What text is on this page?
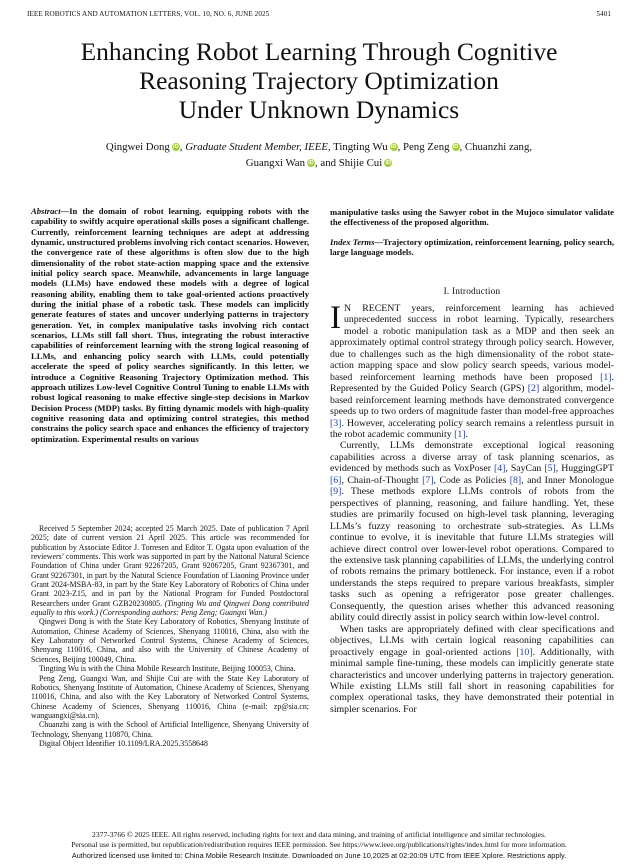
IEEE ROBOTICS AND AUTOMATION LETTERS, VOL. 10, NO. 6, JUNE 2025	5401
Enhancing Robot Learning Through Cognitive
Reasoning Trajectory Optimization
Under Unknown Dynamics
Qingwei Dong iD, Graduate Student Member, IEEE, Tingting Wu iD, Peng Zeng iD, Chuanzhi zang,
Guangxi Wan iD, and Shijie Cui iD
Abstract—In the domain of robot learning, equipping robots with the capability to swiftly acquire operational skills poses a significant challenge. Currently, reinforcement learning techniques are adept at addressing dynamic, unstructured problems involving rich contact scenarios. However, the convergence rate of these algorithms is often slow due to the high dimensionality of the robot state-action mapping space and the extensive initial policy search space. Meanwhile, advancements in large language models (LLMs) have endowed these models with a degree of logical reasoning ability, enabling them to take goal-oriented actions proactively during the initial phase of a robotic task. These models can implicitly generate features of states and uncover underlying patterns in trajectory generation. Yet, in complex manipulative tasks involving rich contact scenarios, LLMs still fall short. Thus, integrating the robust interactive capabilities of reinforcement learning with the strong logical reasoning of LLMs, and enhancing policy search with LLMs, could potentially accelerate the speed of policy searches significantly. In this letter, we introduce a Cognitive Reasoning Trajectory Optimization method. This approach utilizes Low-level Cognitive Control Tuning to enable LLMs with robust logical reasoning to make effective single-step decisions in Markov Decision Process (MDP) tasks. By fitting dynamic models with high-quality cognitive reasoning data and optimizing control strategies, this method constrains the policy search space and enhances the efficiency of trajectory optimization. Experimental results on various
manipulative tasks using the Sawyer robot in the Mujoco simulator validate the effectiveness of the proposed algorithm.
Index Terms—Trajectory optimization, reinforcement learning, policy search, large language models.
I. Introduction

I N RECENT years, reinforcement learning has achieved unprecedented success in robot learning. Typically, researchers model a robotic manipulation task as a MDP and then seek an approximately optimal control strategy through policy search. However, due to challenges such as the high dimensionality of the robot state-action mapping space and slow policy search speeds, various model-based reinforcement learning methods have been proposed [1]. Represented by the Guided Policy Search (GPS) [2] algorithm, model-based reinforcement learning methods have demonstrated convergence speeds up to two orders of magnitude faster than model-free approaches [3]. However, accelerating policy search remains a relentless pursuit in the robot academic community [1].

Currently, LLMs demonstrate exceptional logical reasoning capabilities across a diverse array of task planning scenarios, as evidenced by methods such as VoxPoser [4], SayCan [5], HuggingGPT [6], Chain-of-Thought [7], Code as Policies [8], and Inner Monologue [9]. These methods explore LLMs controls of robots from the perspectives of planning, reasoning, and failure handling. Yet, these studies are primarily focused on high-level task planning, leveraging LLMs’s fuzzy reasoning to orchestrate sub-strategies. As LLMs continue to evolve, it is inevitable that future LLMs strategies will achieve direct control over lower-level robot operations. Compared to the extensive task planning capabilities of LLMs, the underlying control of robots remains the primary bottleneck. For instance, even if a robot understands the steps required to prepare various breakfasts, simpler tasks such as opening a refrigerator pose greater challenges. Consequently, the question arises whether this advanced reasoning ability could directly assist in policy search within low-level control.

When tasks are appropriately defined with clear specifications and objectives, LLMs with certain logical reasoning capabilities can proactively engage in goal-oriented actions [10]. Additionally, with minimal sample fine-tuning, these models can implicitly generate state characteristics and uncover underlying patterns in trajectory generation. While existing LLMs still fall short in reasoning capabilities for complex operational tasks, they have demonstrated their potential in simpler scenarios. For

Received 5 September 2024; accepted 25 March 2025. Date of publication 7 April 2025; date of current version 21 April 2025. This article was recommended for publication by Associate Editor J. Torresen and Editor T. Ogata upon evaluation of the reviewers’ comments. This work was supported in part by the National Natural Science Foundation of China under Grant 92267205, Grant 92067205, Grant 92367301, and Grant 92267301, in part by the Natural Science Foundation of Liaoning Province under Grant 2024-MSBA-83, in part by the State Key Laboratory of Robotics of China under Grant 2023-Z15, and in part by the National Program for Funded Postdoctoral Researchers under Grant GZB20230805. (Tingting Wu and Qingwei Dong contributed equally to this work.) (Corresponding authors: Peng Zeng; Guangxi Wan.)

Qingwei Dong is with the State Key Laboratory of Robotics, Shenyang Institute of Automation, Chinese Academy of Sciences, Shenyang 110016, China, also with the Key Laboratory of Networked Control Systems, Chinese Academy of Sciences, Shenyang 110016, China, and also with the University of Chinese Academy of Sciences, Beijing 100049, China.

Tingting Wu is with the China Mobile Research Institute, Beijing 100053, China.

Peng Zeng, Guangxi Wan, and Shijie Cui are with the State Key Laboratory of Robotics, Shenyang Institute of Automation, Chinese Academy of Sciences, Shenyang 110016, China, and also with the Key Laboratory of Networked Control Systems, Chinese Academy of Sciences, Shenyang 110016, China (e-mail: zp@sia.cn; wanguangxi@sia.cn).

Chuanzhi zang is with the School of Artificial Intelligence, Shenyang University of Technology, Shenyang 110870, China.

Digital Object Identifier 10.1109/LRA.2025.3558648

2377-3766 © 2025 IEEE. All rights reserved, including rights for text and data mining, and training of artificial intelligence and similar technologies.
Personal use is permitted, but republication/redistribution requires IEEE permission. See https://www.ieee.org/publications/rights/index.html for more information.
Authorized licensed use limited to: China Mobile Research Institute. Downloaded on June 10,2025 at 02:20:09 UTC from IEEE Xplore. Restrictions apply.
